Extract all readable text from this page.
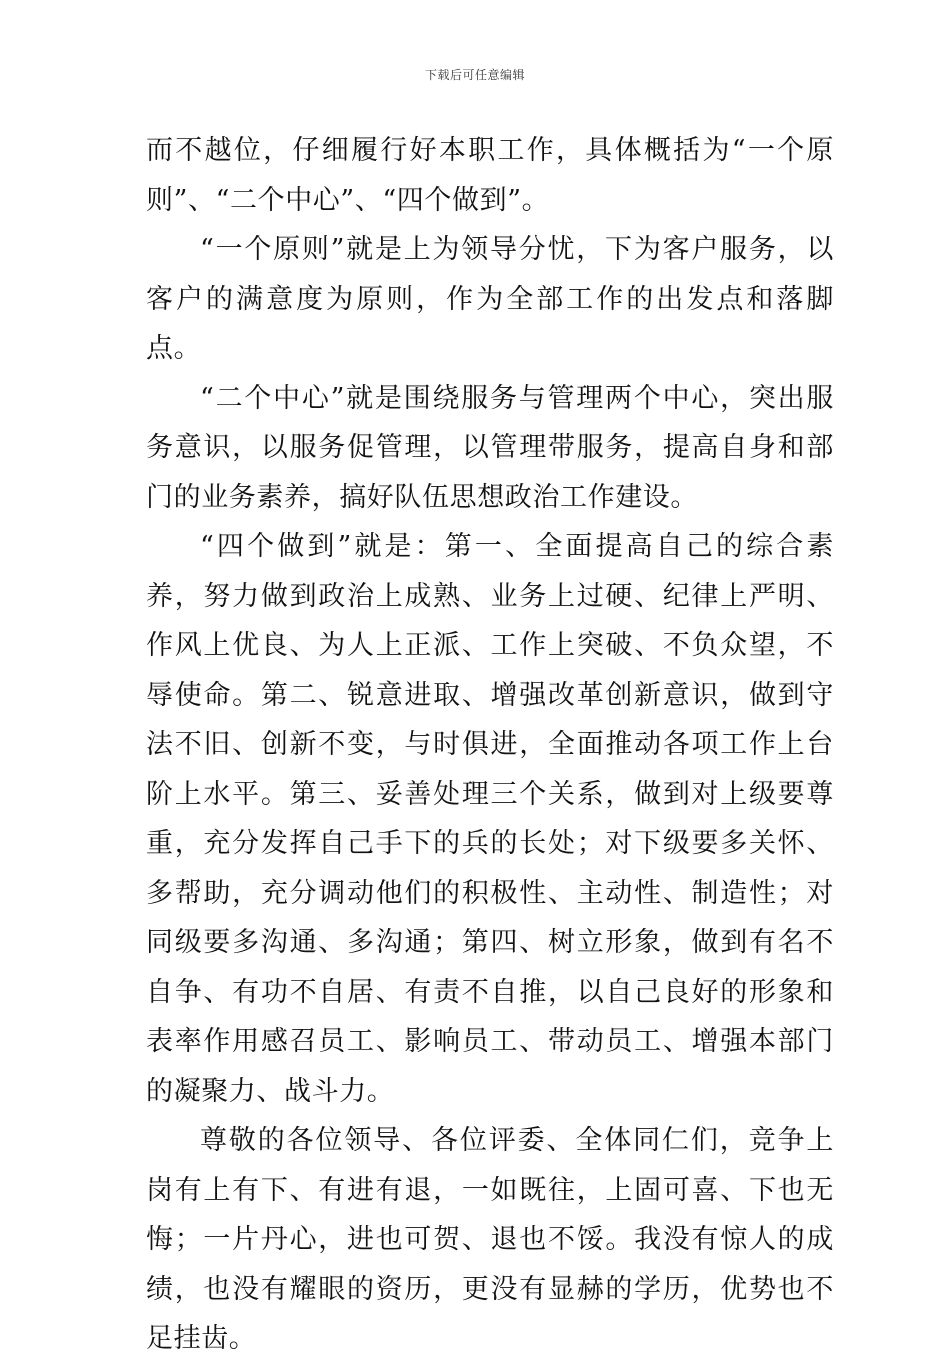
下载后可任意编辑

而不越位，仔细履行好本职工作，具体概括为“一个原则”、“二个中心”、“四个做到”。

“一个原则”就是上为领导分忧，下为客户服务，以客户的满意度为原则，作为全部工作的出发点和落脚点。

“二个中心”就是围绕服务与管理两个中心，突出服务意识，以服务促管理，以管理带服务，提高自身和部门的业务素养，搞好队伍思想政治工作建设。

“四个做到”就是：第一、全面提高自己的综合素养，努力做到政治上成熟、业务上过硬、纪律上严明、作风上优良、为人上正派、工作上突破、不负众望，不辱使命。第二、锐意进取、增强改革创新意识，做到守法不旧、创新不变，与时俱进，全面推动各项工作上台阶上水平。第三、妥善处理三个关系，做到对上级要尊重，充分发挥自己手下的兵的长处；对下级要多关怀、多帮助，充分调动他们的积极性、主动性、制造性；对同级要多沟通、多沟通；第四、树立形象，做到有名不自争、有功不自居、有责不自推，以自己良好的形象和表率作用感召员工、影响员工、带动员工、增强本部门的凝聚力、战斗力。

尊敬的各位领导、各位评委、全体同仁们，竞争上岗有上有下、有进有退，一如既往，上固可喜、下也无悔；一片丹心，进也可贺、退也不馁。我没有惊人的成绩，也没有耀眼的资历，更没有显赫的学历，优势也不足挂齿。
